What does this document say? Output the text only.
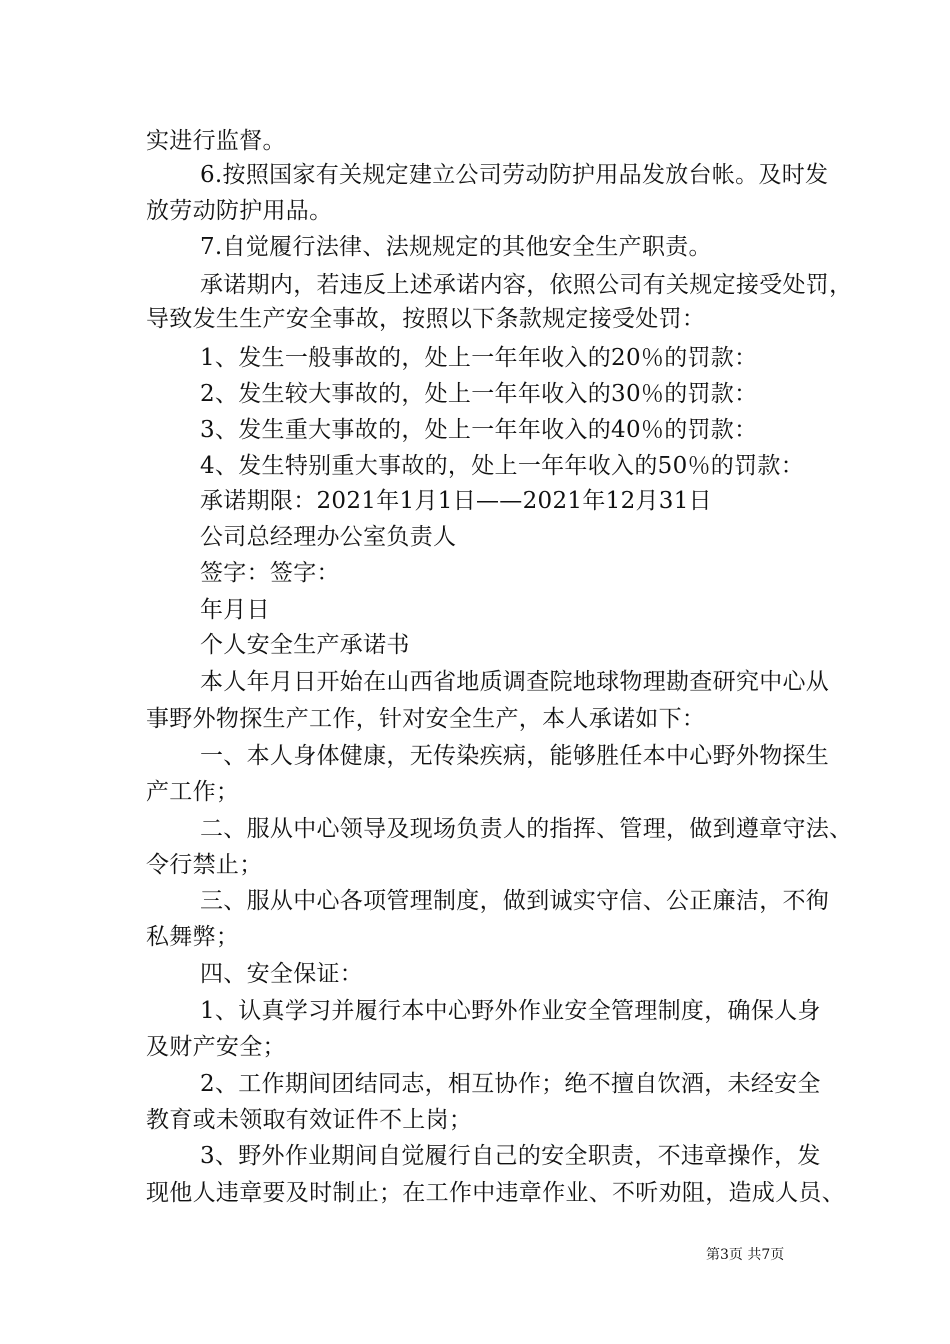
实进行监督。
6.按照国家有关规定建立公司劳动防护用品发放台帐。及时发
放劳动防护用品。
7.自觉履行法律、法规规定的其他安全生产职责。
承诺期内，若违反上述承诺内容，依照公司有关规定接受处罚，
导致发生生产安全事故，按照以下条款规定接受处罚：
1、发生一般事故的，处上一年年收入的20％的罚款：
2、发生较大事故的，处上一年年收入的30％的罚款：
3、发生重大事故的，处上一年年收入的40％的罚款：
4、发生特别重大事故的，处上一年年收入的50％的罚款：
承诺期限：2021年1月1日——2021年12月31日
公司总经理办公室负责人
签字：签字：
年月日
个人安全生产承诺书
本人年月日开始在山西省地质调查院地球物理勘查研究中心从
事野外物探生产工作，针对安全生产，本人承诺如下：
一、本人身体健康，无传染疾病，能够胜任本中心野外物探生
产工作；
二、服从中心领导及现场负责人的指挥、管理，做到遵章守法、
令行禁止；
三、服从中心各项管理制度，做到诚实守信、公正廉洁，不徇
私舞弊；
四、安全保证：
1、认真学习并履行本中心野外作业安全管理制度，确保人身
及财产安全；
2、工作期间团结同志，相互协作；绝不擅自饮酒，未经安全
教育或未领取有效证件不上岗；
3、野外作业期间自觉履行自己的安全职责，不违章操作，发
现他人违章要及时制止；在工作中违章作业、不听劝阻，造成人员、
第3页 共7页
